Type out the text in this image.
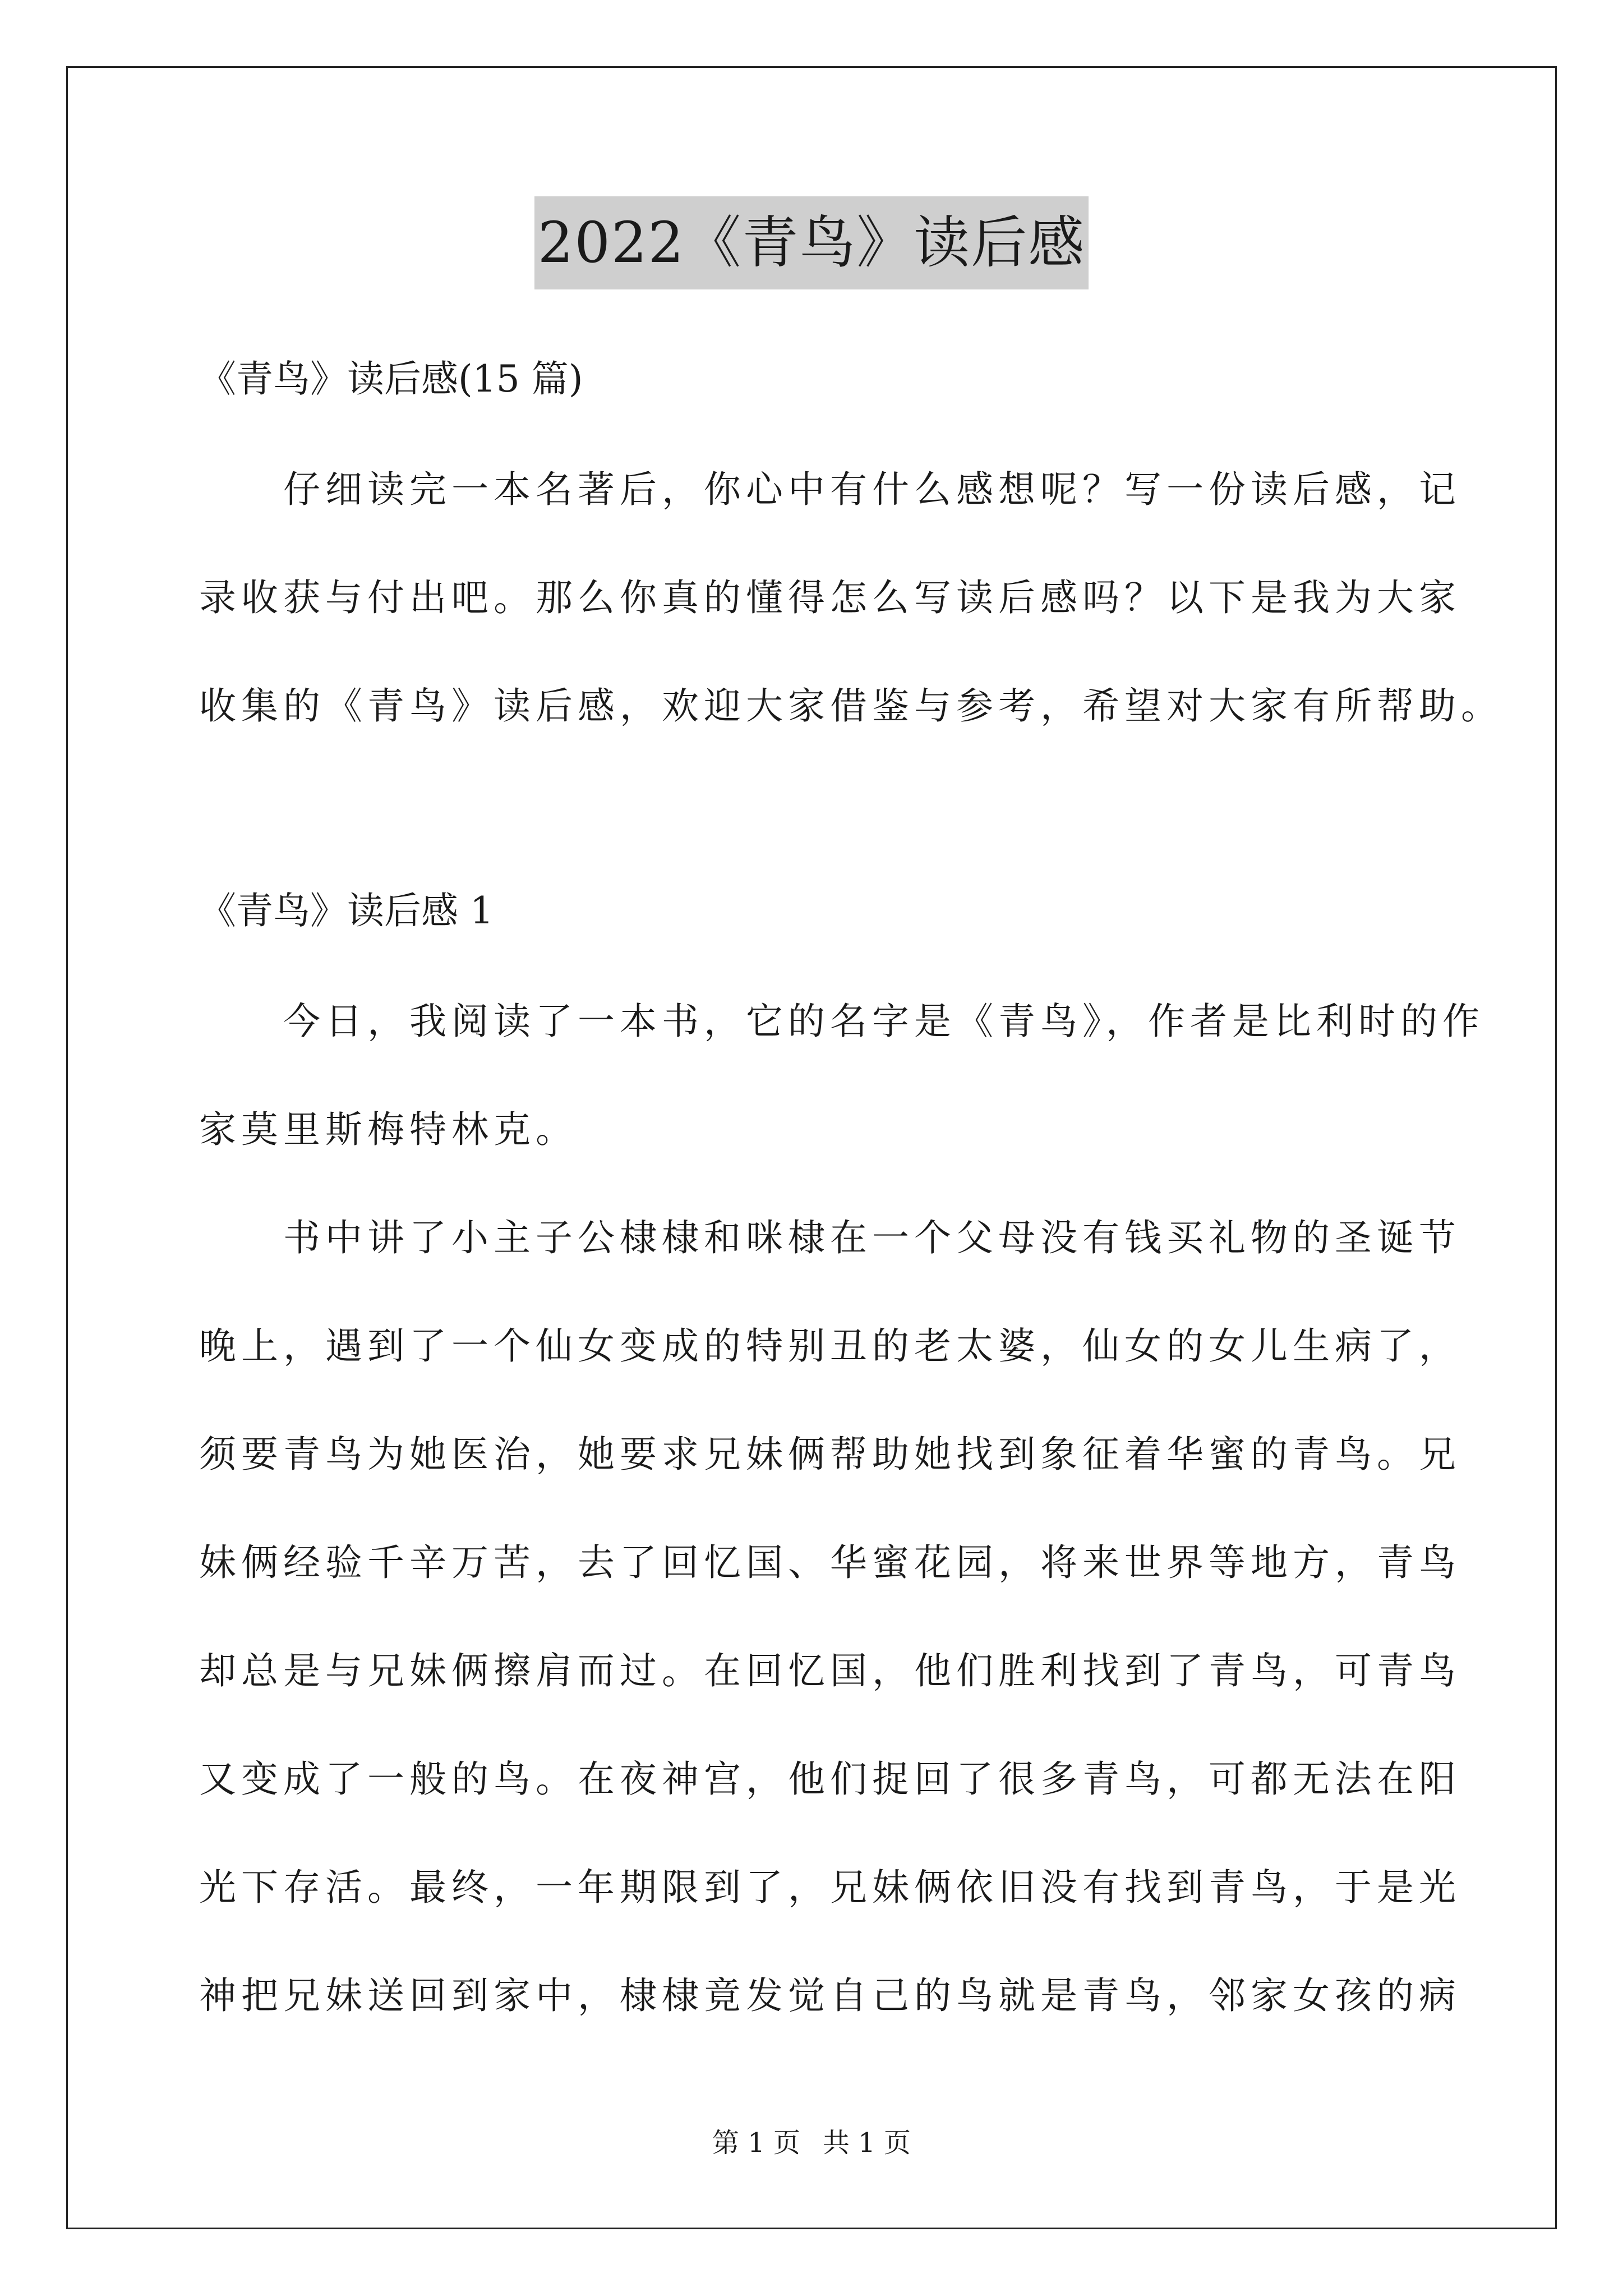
2022《青鸟》读后感
《青鸟》读后感(15 篇)
仔细读完一本名著后，你心中有什么感想呢？写一份读后感，记
录收获与付出吧。那么你真的懂得怎么写读后感吗？以下是我为大家
收集的《青鸟》读后感，欢迎大家借鉴与参考，希望对大家有所帮助。
《青鸟》读后感 1
今日，我阅读了一本书，它的名字是《青鸟》，作者是比利时的作
家莫里斯梅特林克。
书中讲了小主子公棣棣和咪棣在一个父母没有钱买礼物的圣诞节
晚上，遇到了一个仙女变成的特别丑的老太婆，仙女的女儿生病了，
须要青鸟为她医治，她要求兄妹俩帮助她找到象征着华蜜的青鸟。兄
妹俩经验千辛万苦，去了回忆国、华蜜花园，将来世界等地方，青鸟
却总是与兄妹俩擦肩而过。在回忆国，他们胜利找到了青鸟，可青鸟
又变成了一般的鸟。在夜神宫，他们捉回了很多青鸟，可都无法在阳
光下存活。最终，一年期限到了，兄妹俩依旧没有找到青鸟，于是光
神把兄妹送回到家中，棣棣竟发觉自己的鸟就是青鸟，邻家女孩的病
第 1 页 共 1 页
